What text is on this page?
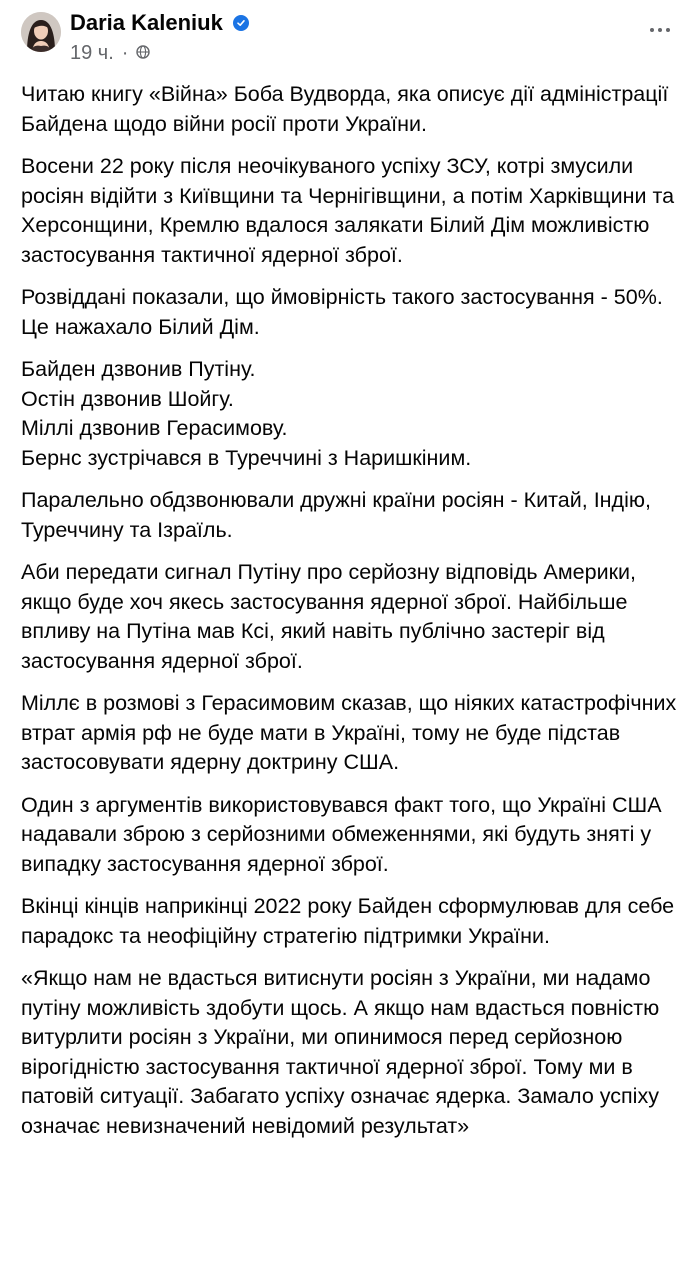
Daria Kaleniuk
19 ч. ·

Читаю книгу «Війна» Боба Вудворда, яка описує дії адміністрації Байдена щодо війни росії проти України.

Восени 22 року після неочікуваного успіху ЗСУ, котрі змусили росіян відійти з Київщини та Чернігівщини, а потім Харківщини та Херсонщини, Кремлю вдалося залякати Білий Дім можливістю застосування тактичної ядерної зброї.

Розвіддані показали, що ймовірність такого застосування - 50%. Це нажахало Білий Дім.

Байден дзвонив Путіну.
Остін дзвонив Шойгу.
Міллі дзвонив Герасимову.
Бернс зустрічався в Туреччині з Наришкіним.

Паралельно обдзвонювали дружні країни росіян - Китай, Індію, Туреччину та Ізраїль.

Аби передати сигнал Путіну про серйозну відповідь Америки, якщо буде хоч якесь застосування ядерної зброї. Найбільше впливу на Путіна мав Ксі, який навіть публічно застеріг від застосування ядерної зброї.

Міллє в розмові з Герасимовим сказав, що ніяких катастрофічних втрат армія рф не буде мати в Україні, тому не буде підстав застосовувати ядерну доктрину США.

Один з аргументів використовувався факт того, що Україні США надавали зброю з серйозними обмеженнями, які будуть зняті у випадку застосування ядерної зброї.

Вкінці кінців наприкінці 2022 року Байден сформулював для себе парадокс та неофіційну стратегію підтримки України.

«Якщо нам не вдасться витиснути росіян з України, ми надамо путіну можливість здобути щось. А якщо нам вдасться повністю витурлити росіян з України, ми опинимося перед серйозною вірогідністю застосування тактичної ядерної зброї. Тому ми в патовій ситуації. Забагато успіху означає ядерка. Замало успіху означає невизначений невідомий результат»
